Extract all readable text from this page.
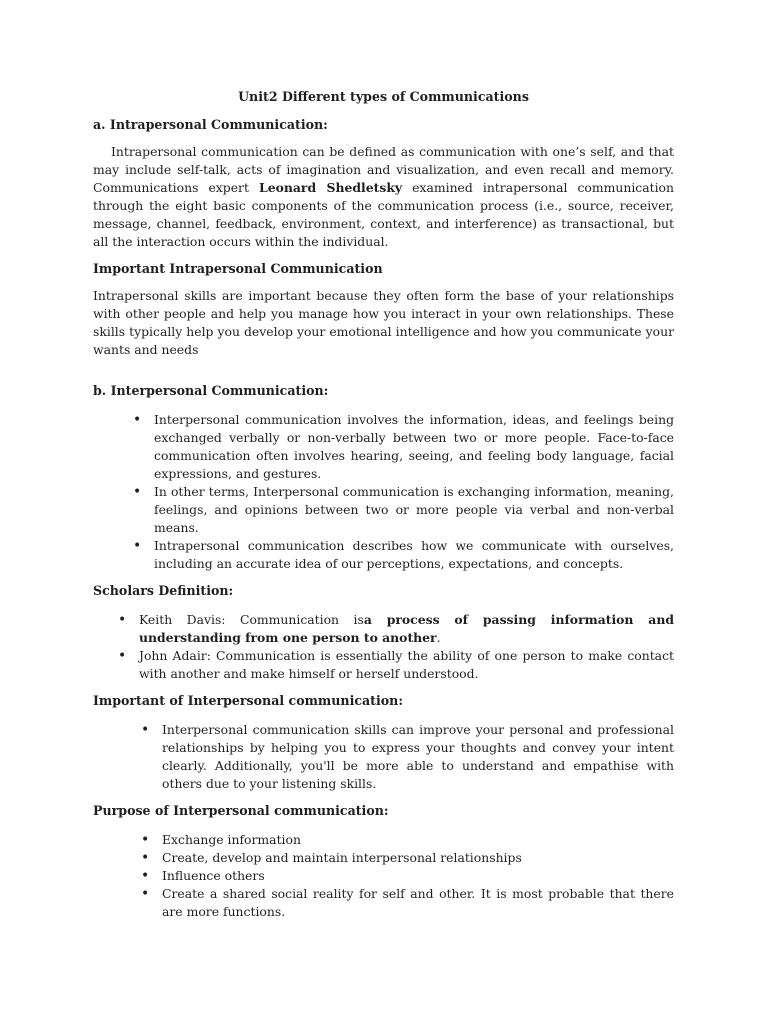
Unit2 Different types of Communications
a. Intrapersonal Communication:

Intrapersonal communication can be defined as communication with one’s self, and that may include self-talk, acts of imagination and visualization, and even recall and memory. Communications expert Leonard Shedletsky examined intrapersonal communication through the eight basic components of the communication process (i.e., source, receiver, message, channel, feedback, environment, context, and interference) as transactional, but all the interaction occurs within the individual.

Important Intrapersonal Communication

Intrapersonal skills are important because they often form the base of your relationships with other people and help you manage how you interact in your own relationships. These skills typically help you develop your emotional intelligence and how you communicate your wants and needs

b. Interpersonal Communication:
• Interpersonal communication involves the information, ideas, and feelings being exchanged verbally or non-verbally between two or more people. Face-to-face communication often involves hearing, seeing, and feeling body language, facial expressions, and gestures.
• In other terms, Interpersonal communication is exchanging information, meaning, feelings, and opinions between two or more people via verbal and non-verbal means.
• Intrapersonal communication describes how we communicate with ourselves, including an accurate idea of our perceptions, expectations, and concepts.
Scholars Definition:
• Keith Davis: Communication isa process of passing information and understanding from one person to another.
• John Adair: Communication is essentially the ability of one person to make contact with another and make himself or herself understood.
Important of Interpersonal communication:
• Interpersonal communication skills can improve your personal and professional relationships by helping you to express your thoughts and convey your intent clearly. Additionally, you'll be more able to understand and empathise with others due to your listening skills.
Purpose of Interpersonal communication:
• Exchange information
• Create, develop and maintain interpersonal relationships
• Influence others
• Create a shared social reality for self and other. It is most probable that there are more functions.
